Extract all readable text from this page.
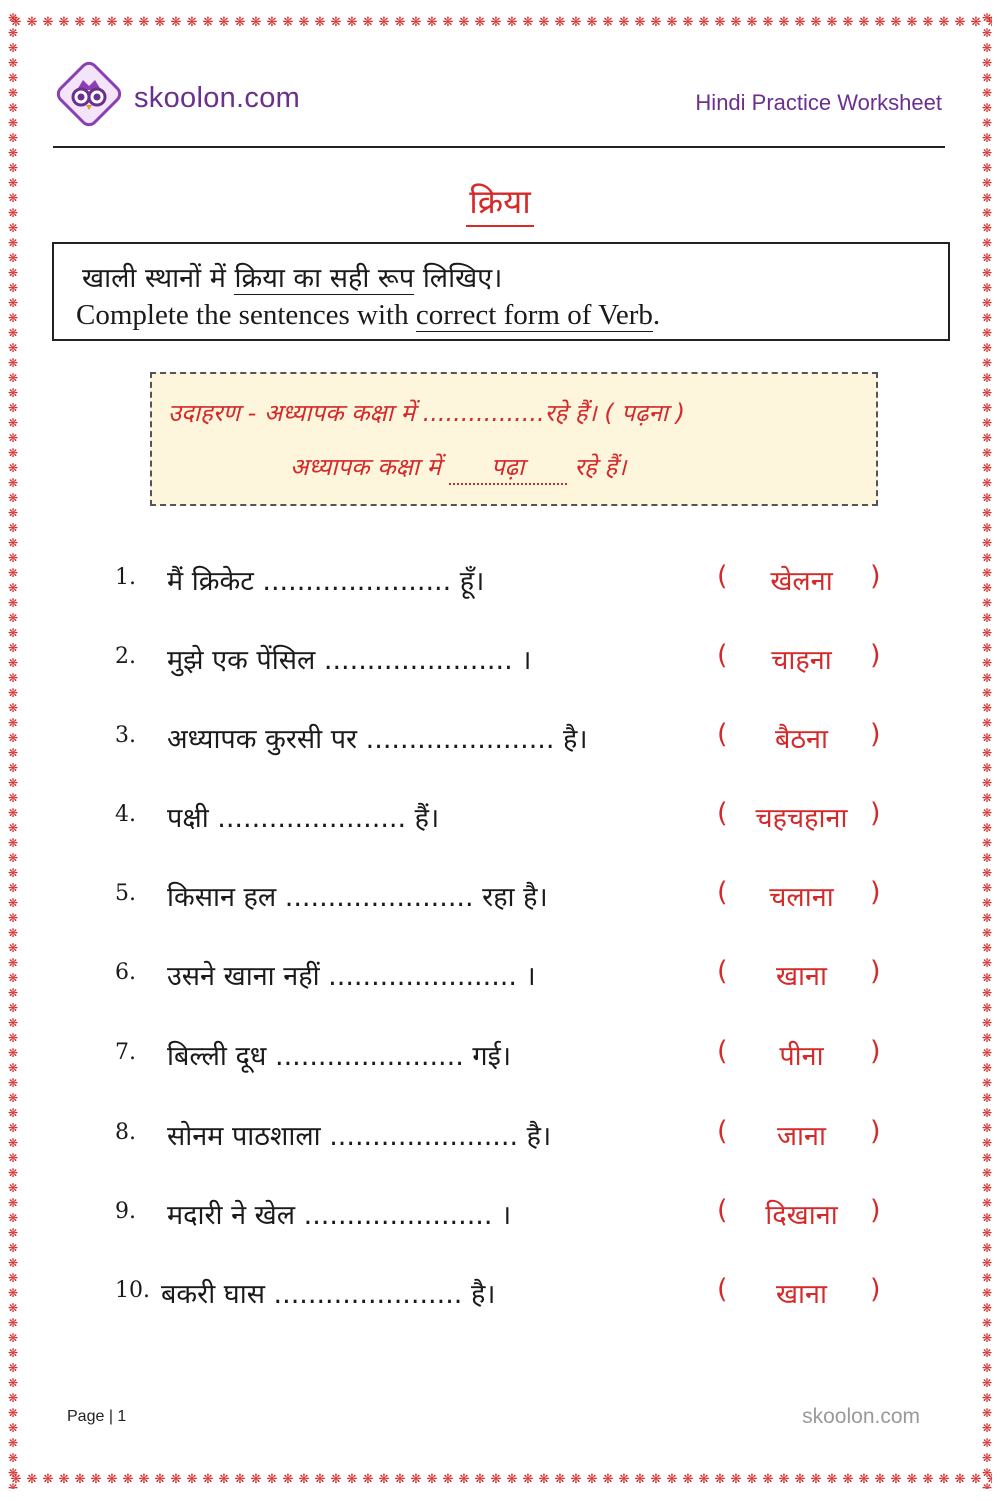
skoolon.com	Hindi Practice Worksheet
क्रिया
खाली स्थानों में क्रिया का सही रूप लिखिए।
Complete the sentences with correct form of Verb.
उदाहरण - अध्यापक कक्षा में ................रहे हैं। ( पढ़ना )
अध्यापक कक्षा में पढ़ा रहे हैं।
1. मैं क्रिकेट ...................... हूँ।	(	खेलना	)
2. मुझे एक पेंसिल ...................... ।	(	चाहना	)
3. अध्यापक कुरसी पर ...................... है।	(	बैठना	)
4. पक्षी ...................... हैं।	(	चहचहाना )
5. किसान हल ...................... रहा है।	(	चलाना	)
6. उसने खाना नहीं ...................... ।	(	खाना	)
7. बिल्ली दूध ...................... गई।	(	पीना	)
8. सोनम पाठशाला ...................... है।	(	जाना	)
9. मदारी ने खेल ...................... ।	(	दिखाना	)
10. बकरी घास ...................... है।	(	खाना	)
Page | 1	skoolon.com
